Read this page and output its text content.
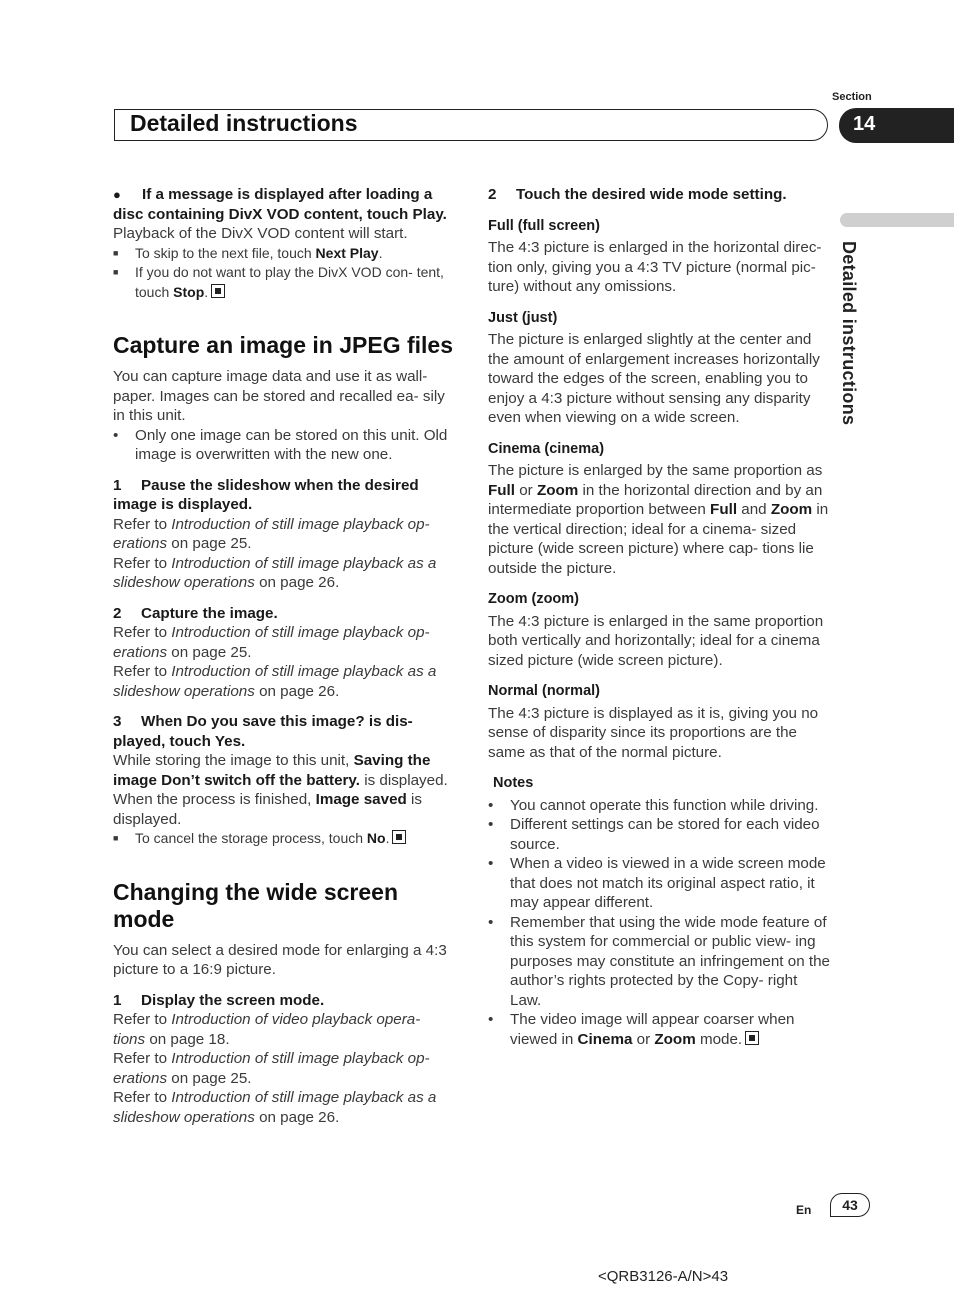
Section
Detailed instructions	14
Detailed instructions

● If a message is displayed after loading a disc containing DivX VOD content, touch Play.

Playback of the DivX VOD content will start.

■ To skip to the next file, touch Next Play.

■ If you do not want to play the DivX VOD con- tent, touch Stop.

Capture an image in JPEG files

You can capture image data and use it as wall- paper. Images can be stored and recalled ea- sily in this unit.

• Only one image can be stored on this unit. Old image is overwritten with the new one.

1 Pause the slideshow when the desired image is displayed.

Refer to Introduction of still image playback op- erations on page 25.

Refer to Introduction of still image playback as a slideshow operations on page 26.

2 Capture the image.

Refer to Introduction of still image playback op- erations on page 25.

Refer to Introduction of still image playback as a slideshow operations on page 26.

3 When Do you save this image? is dis- played, touch Yes.

While storing the image to this unit, Saving the image Don’t switch off the battery. is displayed. When the process is finished, Image saved is displayed.

■ To cancel the storage process, touch No.

Changing the wide screen mode

You can select a desired mode for enlarging a 4:3 picture to a 16:9 picture.

1 Display the screen mode.

Refer to Introduction of video playback opera- tions on page 18.

Refer to Introduction of still image playback op- erations on page 25.

Refer to Introduction of still image playback as a slideshow operations on page 26.

2 Touch the desired wide mode setting.

Full (full screen)

The 4:3 picture is enlarged in the horizontal direc- tion only, giving you a 4:3 TV picture (normal pic- ture) without any omissions.

Just (just)

The picture is enlarged slightly at the center and the amount of enlargement increases horizontally toward the edges of the screen, enabling you to enjoy a 4:3 picture without sensing any disparity even when viewing on a wide screen.

Cinema (cinema)

The picture is enlarged by the same proportion as Full or Zoom in the horizontal direction and by an intermediate proportion between Full and Zoom in the vertical direction; ideal for a cinema- sized picture (wide screen picture) where cap- tions lie outside the picture.

Zoom (zoom)

The 4:3 picture is enlarged in the same proportion both vertically and horizontally; ideal for a cinema sized picture (wide screen picture).

Normal (normal)

The 4:3 picture is displayed as it is, giving you no sense of disparity since its proportions are the same as that of the normal picture.

Notes

• You cannot operate this function while driving.

• Different settings can be stored for each video source.

• When a video is viewed in a wide screen mode that does not match its original aspect ratio, it may appear different.

• Remember that using the wide mode feature of this system for commercial or public view- ing purposes may constitute an infringement on the author’s rights protected by the Copy- right Law.

• The video image will appear coarser when viewed in Cinema or Zoom mode.

En	43
<QRB3126-A/N>43
